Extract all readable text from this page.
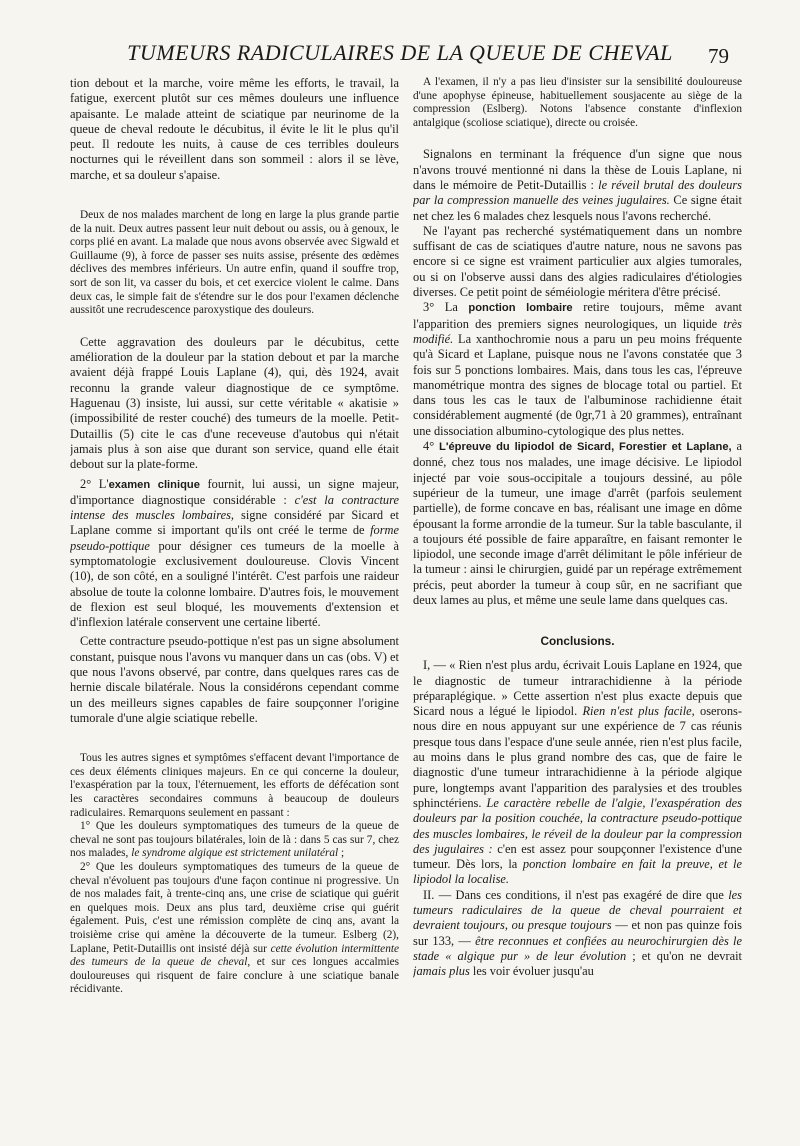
TUMEURS RADICULAIRES DE LA QUEUE DE CHEVAL	79

tion debout et la marche, voire même les efforts, le travail, la fatigue, exercent plutôt sur ces mêmes douleurs une influence apaisante. Le malade atteint de sciatique par neurinome de la queue de cheval redoute le décubitus, il évite le lit le plus qu'il peut. Il redoute les nuits, à cause de ces terribles douleurs nocturnes qui le réveillent dans son sommeil : alors il se lève, marche, et sa douleur s'apaise.

Deux de nos malades marchent de long en large la plus grande partie de la nuit. Deux autres passent leur nuit debout ou assis, ou à genoux, le corps plié en avant. La malade que nous avons observée avec Sigwald et Guillaume (9), à force de passer ses nuits assise, présente des œdèmes déclives des membres inférieurs. Un autre enfin, quand il souffre trop, sort de son lit, va casser du bois, et cet exercice violent le calme. Dans deux cas, le simple fait de s'étendre sur le dos pour l'examen déclenche aussitôt une recrudescence paroxystique des douleurs.

Cette aggravation des douleurs par le décubitus, cette amélioration de la douleur par la station debout et par la marche avaient déjà frappé Louis Laplane (4), qui, dès 1924, avait reconnu la grande valeur diagnostique de ce symptôme. Haguenau (3) insiste, lui aussi, sur cette véritable « akatisie » (impossibilité de rester couché) des tumeurs de la moelle. Petit-Dutaillis (5) cite le cas d'une receveuse d'autobus qui n'était jamais plus à son aise que durant son service, quand elle était debout sur la plate-forme.

2° L'examen clinique fournit, lui aussi, un signe majeur, d'importance diagnostique considérable : c'est la contracture intense des muscles lombaires, signe considéré par Sicard et Laplane comme si important qu'ils ont créé le terme de forme pseudo-pottique pour désigner ces tumeurs de la moelle à symptomatologie exclusivement douloureuse. Clovis Vincent (10), de son côté, en a souligné l'intérêt. C'est parfois une raideur absolue de toute la colonne lombaire. D'autres fois, le mouvement de flexion est seul bloqué, les mouvements d'extension et d'inflexion latérale conservent une certaine liberté.

Cette contracture pseudo-pottique n'est pas un signe absolument constant, puisque nous l'avons vu manquer dans un cas (obs. V) et que nous l'avons observé, par contre, dans quelques rares cas de hernie discale bilatérale. Nous la considérons cependant comme un des meilleurs signes capables de faire soupçonner l'origine tumorale d'une algie sciatique rebelle.

Tous les autres signes et symptômes s'effacent devant l'importance de ces deux éléments cliniques majeurs. En ce qui concerne la douleur, l'exaspération par la toux, l'éternuement, les efforts de défécation sont les caractères secondaires communs à beaucoup de douleurs radiculaires. Remarquons seulement en passant :

1° Que les douleurs symptomatiques des tumeurs de la queue de cheval ne sont pas toujours bilatérales, loin de là : dans 5 cas sur 7, chez nos malades, le syndrome algique est strictement unilatéral ;

2° Que les douleurs symptomatiques des tumeurs de la queue de cheval n'évoluent pas toujours d'une façon continue ni progressive. Un de nos malades fait, à trente-cinq ans, une crise de sciatique qui guérit en quelques mois. Deux ans plus tard, deuxième crise qui guérit également. Puis, c'est une rémission complète de cinq ans, avant la troisième crise qui amène la découverte de la tumeur. Eslberg (2), Laplane, Petit-Dutaillis ont insisté déjà sur cette évolution intermittente des tumeurs de la queue de cheval, et sur ces longues accalmies douloureuses qui risquent de faire conclure à une sciatique banale récidivante.

A l'examen, il n'y a pas lieu d'insister sur la sensibilité douloureuse d'une apophyse épineuse, habituellement sousjacente au siège de la compression (Eslberg). Notons l'absence constante d'inflexion antalgique (scoliose sciatique), directe ou croisée.

Signalons en terminant la fréquence d'un signe que nous n'avons trouvé mentionné ni dans la thèse de Louis Laplane, ni dans le mémoire de Petit-Dutaillis : le réveil brutal des douleurs par la compression manuelle des veines jugulaires. Ce signe était net chez les 6 malades chez lesquels nous l'avons recherché.

Ne l'ayant pas recherché systématiquement dans un nombre suffisant de cas de sciatiques d'autre nature, nous ne savons pas encore si ce signe est vraiment particulier aux algies tumorales, ou si on l'observe aussi dans des algies radiculaires d'étiologies diverses. Ce petit point de séméiologie méritera d'être précisé.

3° La ponction lombaire retire toujours, même avant l'apparition des premiers signes neurologiques, un liquide très modifié. La xanthochromie nous a paru un peu moins fréquente qu'à Sicard et Laplane, puisque nous ne l'avons constatée que 3 fois sur 5 ponctions lombaires. Mais, dans tous les cas, l'épreuve manométrique montra des signes de blocage total ou partiel. Et dans tous les cas le taux de l'albuminose rachidienne était considérablement augmenté (de 0gr,71 à 20 grammes), entraînant une dissociation albumino-cytologique des plus nettes.

4° L'épreuve du lipiodol de Sicard, Forestier et Laplane, a donné, chez tous nos malades, une image décisive. Le lipiodol injecté par voie sous-occipitale a toujours dessiné, au pôle supérieur de la tumeur, une image d'arrêt (parfois seulement partielle), de forme concave en bas, réalisant une image en dôme épousant la forme arrondie de la tumeur. Sur la table basculante, il a toujours été possible de faire apparaître, en faisant remonter le lipiodol, une seconde image d'arrêt délimitant le pôle inférieur de la tumeur : ainsi le chirurgien, guidé par un repérage extrêmement précis, peut aborder la tumeur à coup sûr, en ne sacrifiant que deux lames au plus, et même une seule lame dans quelques cas.

Conclusions.

I, — « Rien n'est plus ardu, écrivait Louis Laplane en 1924, que le diagnostic de tumeur intrarachidienne à la période préparaplégique. » Cette assertion n'est plus exacte depuis que Sicard nous a légué le lipiodol. Rien n'est plus facile, oserons-nous dire en nous appuyant sur une expérience de 7 cas réunis presque tous dans l'espace d'une seule année, rien n'est plus facile, au moins dans le plus grand nombre des cas, que de faire le diagnostic d'une tumeur intrarachidienne à la période algique pure, longtemps avant l'apparition des paralysies et des troubles sphinctériens. Le caractère rebelle de l'algie, l'exaspération des douleurs par la position couchée, la contracture pseudo-pottique des muscles lombaires, le réveil de la douleur par la compression des jugulaires : c'en est assez pour soupçonner l'existence d'une tumeur. Dès lors, la ponction lombaire en fait la preuve, et le lipiodol la localise.

II. — Dans ces conditions, il n'est pas exagéré de dire que les tumeurs radiculaires de la queue de cheval pourraient et devraient toujours, ou presque toujours — et non pas quinze fois sur 133, — être reconnues et confiées au neurochirurgien dès le stade « algique pur » de leur évolution ; et qu'on ne devrait jamais plus les voir évoluer jusqu'au
